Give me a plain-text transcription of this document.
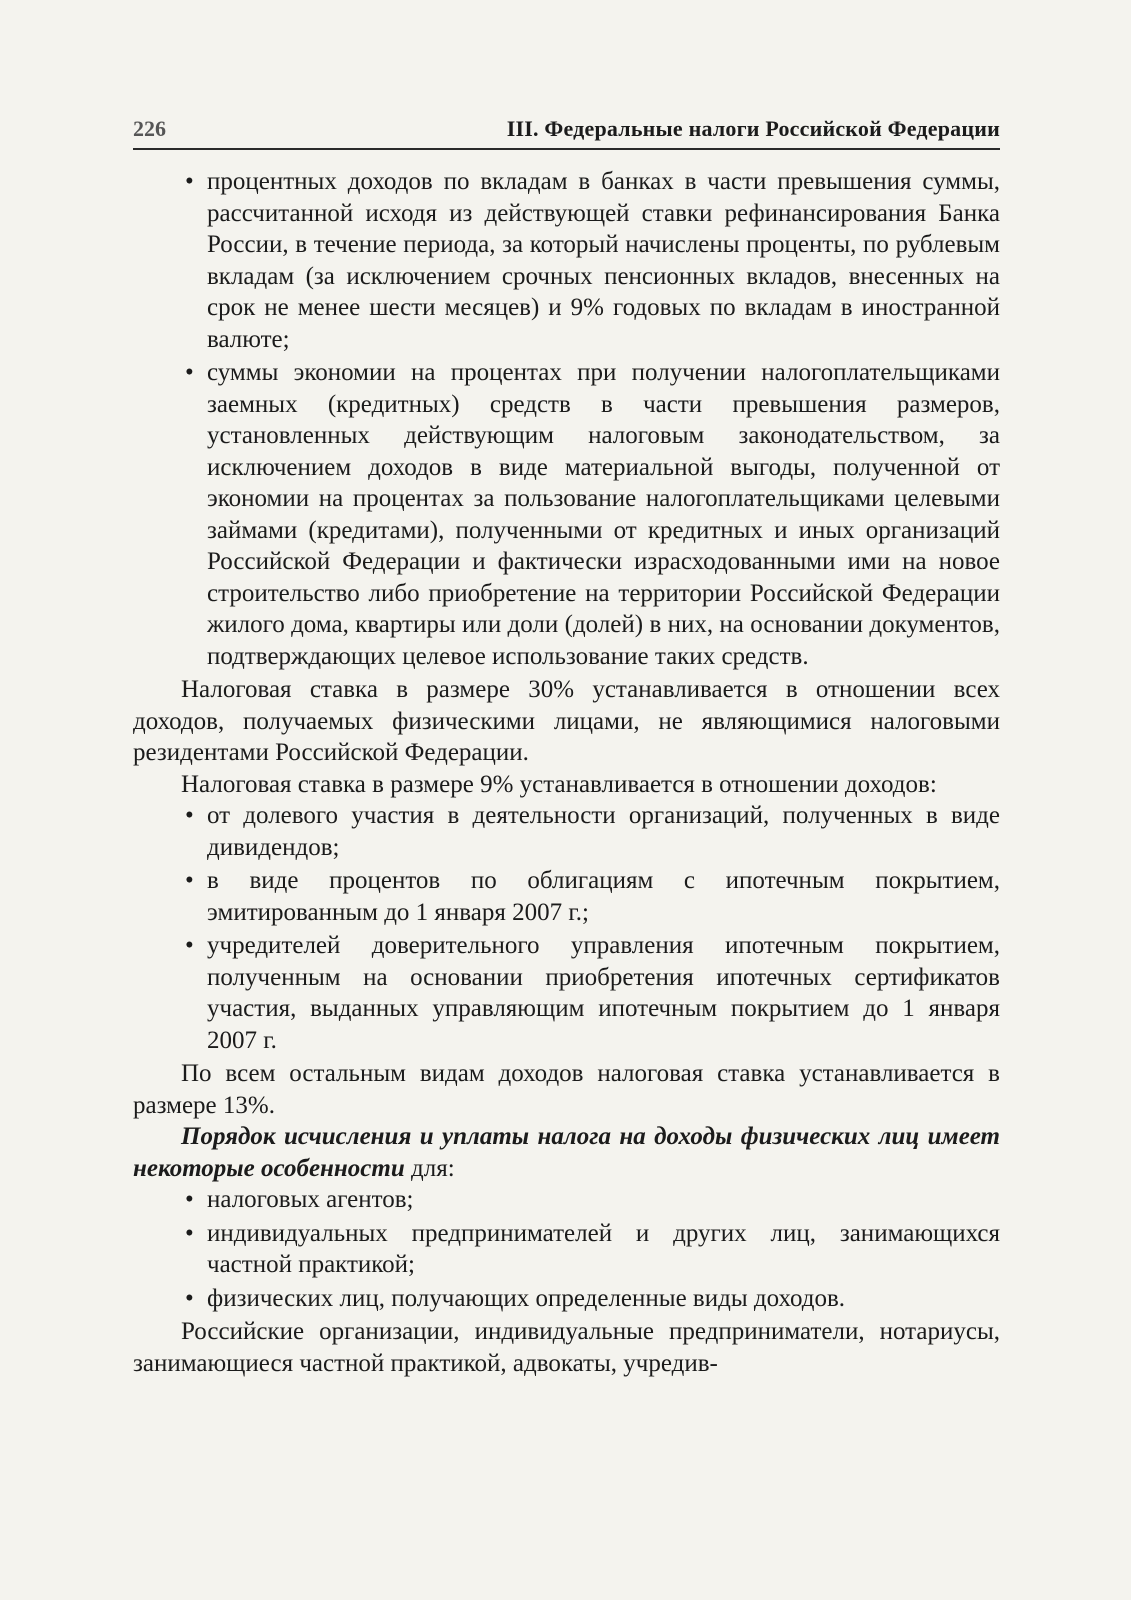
226	III. Федеральные налоги Российской Федерации
• процентных доходов по вкладам в банках в части превышения суммы, рассчитанной исходя из действующей ставки рефинансирования Банка России, в течение периода, за который начислены проценты, по рублевым вкладам (за исключением срочных пенсионных вкладов, внесенных на срок не менее шести месяцев) и 9% годовых по вкладам в иностранной валюте;
• суммы экономии на процентах при получении налогоплательщиками заемных (кредитных) средств в части превышения размеров, установленных действующим налоговым законодательством, за исключением доходов в виде материальной выгоды, полученной от экономии на процентах за пользование налогоплательщиками целевыми займами (кредитами), полученными от кредитных и иных организаций Российской Федерации и фактически израсходованными ими на новое строительство либо приобретение на территории Российской Федерации жилого дома, квартиры или доли (долей) в них, на основании документов, подтверждающих целевое использование таких средств.

Налоговая ставка в размере 30% устанавливается в отношении всех доходов, получаемых физическими лицами, не являющимися налоговыми резидентами Российской Федерации.

Налоговая ставка в размере 9% устанавливается в отношении доходов:

• от долевого участия в деятельности организаций, полученных в виде дивидендов;
• в виде процентов по облигациям с ипотечным покрытием, эмитированным до 1 января 2007 г.;
• учредителей доверительного управления ипотечным покрытием, полученным на основании приобретения ипотечных сертификатов участия, выданных управляющим ипотечным покрытием до 1 января 2007 г.

По всем остальным видам доходов налоговая ставка устанавливается в размере 13%.

Порядок исчисления и уплаты налога на доходы физических лиц имеет некоторые особенности для:

• налоговых агентов;
• индивидуальных предпринимателей и других лиц, занимающихся частной практикой;
• физических лиц, получающих определенные виды доходов.

Российские организации, индивидуальные предприниматели, нотариусы, занимающиеся частной практикой, адвокаты, учредив-
